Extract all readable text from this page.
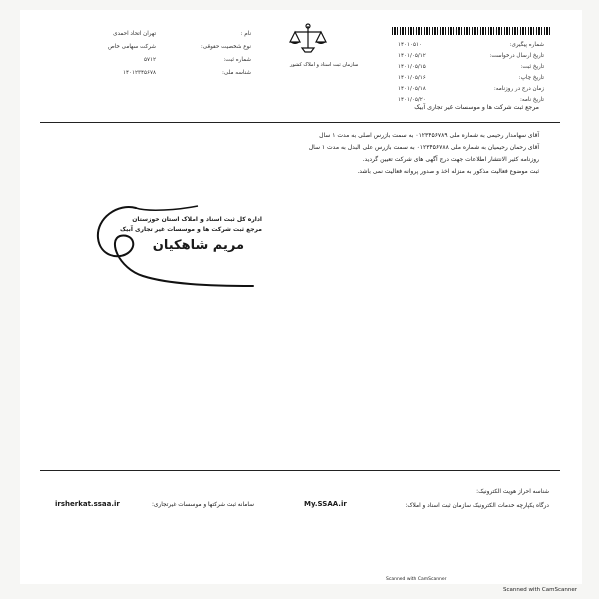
نام :
نوع شخصیت حقوقی:
شماره ثبت:
شناسه ملی:
تهران اتحاد احمدی
شرکت سهامی خاص
۵۷۱۲
۱۴۰۱۲۳۴۵۶۷۸
سازمان ثبت اسناد و املاک کشور
شماره پیگیری:
تاریخ ارسال درخواست:
تاریخ ثبت:
تاریخ چاپ:
زمان درج در روزنامه:
تاریخ نامه:
۱۴۰۱۰۵۱۰
۱۴۰۱/۰۵/۱۲
۱۴۰۱/۰۵/۱۵
۱۴۰۱/۰۵/۱۶
۱۴۰۱/۰۵/۱۸
۱۴۰۱/۰۵/۲۰
مرجع ثبت شرکت ها و موسسات غیر تجاری آبیک
آقای سهامدار رحیمی به شماره ملی ۰۱۲۳۴۵۶۷۸۹ به سمت بازرس اصلی به مدت ۱ سال
آقای رحمان رحیمیان به شماره ملی ۰۱۲۳۴۵۶۷۸۸ به سمت بازرس علی البدل به مدت ۱ سال
روزنامه کثیر الانتشار اطلاعات جهت درج آگهی های شرکت تعیین گردید.
ثبت موضوع فعالیت مذکور به منزله اخذ و صدور پروانه فعالیت نمی باشد.
اداره کل ثبت اسناد و املاک استان خوزستان
مرجع ثبت شرکت ها و موسسات غیر تجاری آبیک
مریم شاهکیان
شناسه احراز هویت الکترونیک:
درگاه یکپارچه خدمات الکترونیک سازمان ثبت اسناد و املاک:
My.SSAA.ir
سامانه ثبت شرکتها و موسسات غیرتجاری:
irsherkat.ssaa.ir
Scanned with CamScanner
Scanned with CamScanner
